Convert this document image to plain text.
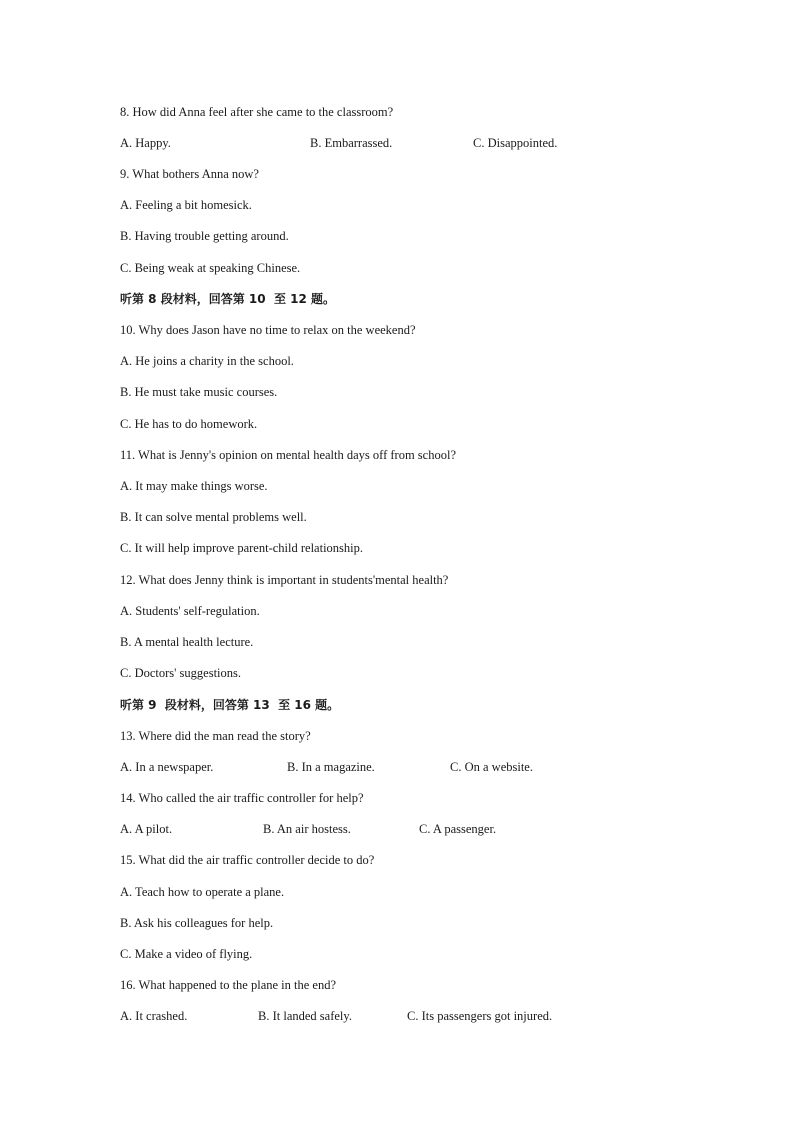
8. How did Anna feel after she came to the classroom?
A. Happy.	B. Embarrassed.	C. Disappointed.
9. What bothers Anna now?
A. Feeling a bit homesick.
B. Having trouble getting around.
C. Being weak at speaking Chinese.
听第 8 段材料，回答第 10  至 12 题。
10. Why does Jason have no time to relax on the weekend?
A. He joins a charity in the school.
B. He must take music courses.
C. He has to do homework.
11. What is Jenny's opinion on mental health days off from school?
A. It may make things worse.
B. It can solve mental problems well.
C. It will help improve parent-child relationship.
12. What does Jenny think is important in students'mental health?
A. Students' self-regulation.
B. A mental health lecture.
C. Doctors' suggestions.
听第 9  段材料，回答第 13  至 16 题。
13. Where did the man read the story?
A. In a newspaper.	B. In a magazine.	C. On a website.
14. Who called the air traffic controller for help?
A. A pilot.	B. An air hostess.	C. A passenger.
15. What did the air traffic controller decide to do?
A. Teach how to operate a plane.
B. Ask his colleagues for help.
C. Make a video of flying.
16. What happened to the plane in the end?
A. It crashed.	B. It landed safely.	C. Its passengers got injured.
